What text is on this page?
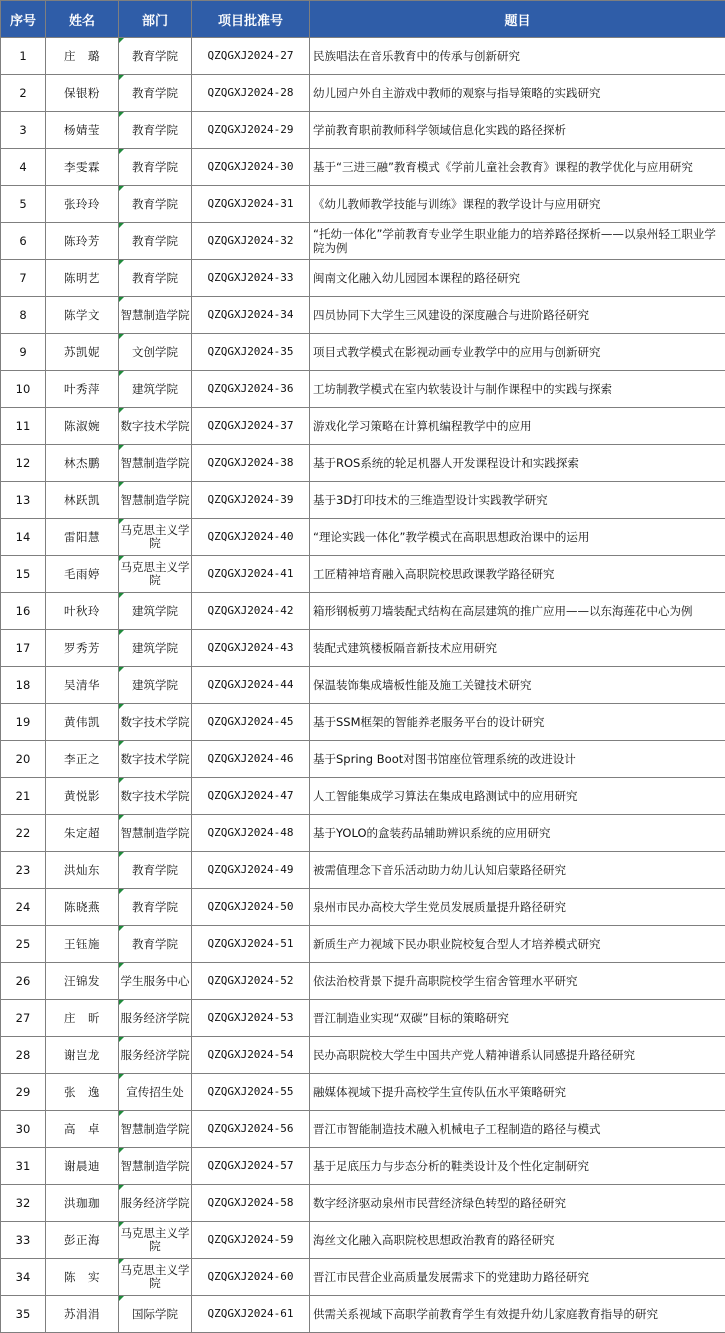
序号	姓名	部门	项目批准号	题目
1	庄　璐	教育学院	QZQGXJ2024-27	民族唱法在音乐教育中的传承与创新研究
2	保银粉	教育学院	QZQGXJ2024-28	幼儿园户外自主游戏中教师的观察与指导策略的实践研究
3	杨婧莹	教育学院	QZQGXJ2024-29	学前教育职前教师科学领域信息化实践的路径探析
4	李雯霖	教育学院	QZQGXJ2024-30	基于“三进三融”教育模式《学前儿童社会教育》课程的教学优化与应用研究
5	张玲玲	教育学院	QZQGXJ2024-31	《幼儿教师教学技能与训练》课程的教学设计与应用研究
6	陈玲芳	教育学院	QZQGXJ2024-32	“托幼一体化”学前教育专业学生职业能力的培养路径探析——以泉州轻工职业学院为例
7	陈明艺	教育学院	QZQGXJ2024-33	闽南文化融入幼儿园园本课程的路径研究
8	陈学文	智慧制造学院	QZQGXJ2024-34	四员协同下大学生三风建设的深度融合与进阶路径研究
9	苏凯妮	文创学院	QZQGXJ2024-35	项目式教学模式在影视动画专业教学中的应用与创新研究
10	叶秀萍	建筑学院	QZQGXJ2024-36	工坊制教学模式在室内软装设计与制作课程中的实践与探索
11	陈淑婉	数字技术学院	QZQGXJ2024-37	游戏化学习策略在计算机编程教学中的应用
12	林杰鹏	智慧制造学院	QZQGXJ2024-38	基于ROS系统的轮足机器人开发课程设计和实践探索
13	林跃凯	智慧制造学院	QZQGXJ2024-39	基于3D打印技术的三维造型设计实践教学研究
14	雷阳慧	马克思主义学院	QZQGXJ2024-40	“理论实践一体化”教学模式在高职思想政治课中的运用
15	毛雨婷	马克思主义学院	QZQGXJ2024-41	工匠精神培育融入高职院校思政课教学路径研究
16	叶秋玲	建筑学院	QZQGXJ2024-42	箱形钢板剪刀墙装配式结构在高层建筑的推广应用——以东海莲花中心为例
17	罗秀芳	建筑学院	QZQGXJ2024-43	装配式建筑楼板隔音新技术应用研究
18	吴清华	建筑学院	QZQGXJ2024-44	保温装饰集成墙板性能及施工关键技术研究
19	黄伟凯	数字技术学院	QZQGXJ2024-45	基于SSM框架的智能养老服务平台的设计研究
20	李正之	数字技术学院	QZQGXJ2024-46	基于Spring Boot对图书馆座位管理系统的改进设计
21	黄悦影	数字技术学院	QZQGXJ2024-47	人工智能集成学习算法在集成电路测试中的应用研究
22	朱定超	智慧制造学院	QZQGXJ2024-48	基于YOLO的盒装药品辅助辨识系统的应用研究
23	洪灿东	教育学院	QZQGXJ2024-49	被需值理念下音乐活动助力幼儿认知启蒙路径研究
24	陈晓燕	教育学院	QZQGXJ2024-50	泉州市民办高校大学生党员发展质量提升路径研究
25	王钰施	教育学院	QZQGXJ2024-51	新质生产力视域下民办职业院校复合型人才培养模式研究
26	汪锦发	学生服务中心	QZQGXJ2024-52	依法治校背景下提升高职院校学生宿舍管理水平研究
27	庄　昕	服务经济学院	QZQGXJ2024-53	晋江制造业实现“双碳”目标的策略研究
28	谢岂龙	服务经济学院	QZQGXJ2024-54	民办高职院校大学生中国共产党人精神谱系认同感提升路径研究
29	张　逸	宣传招生处	QZQGXJ2024-55	融媒体视域下提升高校学生宣传队伍水平策略研究
30	高　卓	智慧制造学院	QZQGXJ2024-56	晋江市智能制造技术融入机械电子工程制造的路径与模式
31	谢晨迪	智慧制造学院	QZQGXJ2024-57	基于足底压力与步态分析的鞋类设计及个性化定制研究
32	洪珈珈	服务经济学院	QZQGXJ2024-58	数字经济驱动泉州市民营经济绿色转型的路径研究
33	彭正海	马克思主义学院	QZQGXJ2024-59	海丝文化融入高职院校思想政治教育的路径研究
34	陈　实	马克思主义学院	QZQGXJ2024-60	晋江市民营企业高质量发展需求下的党建助力路径研究
35	苏涓涓	国际学院	QZQGXJ2024-61	供需关系视域下高职学前教育学生有效提升幼儿家庭教育指导的研究
